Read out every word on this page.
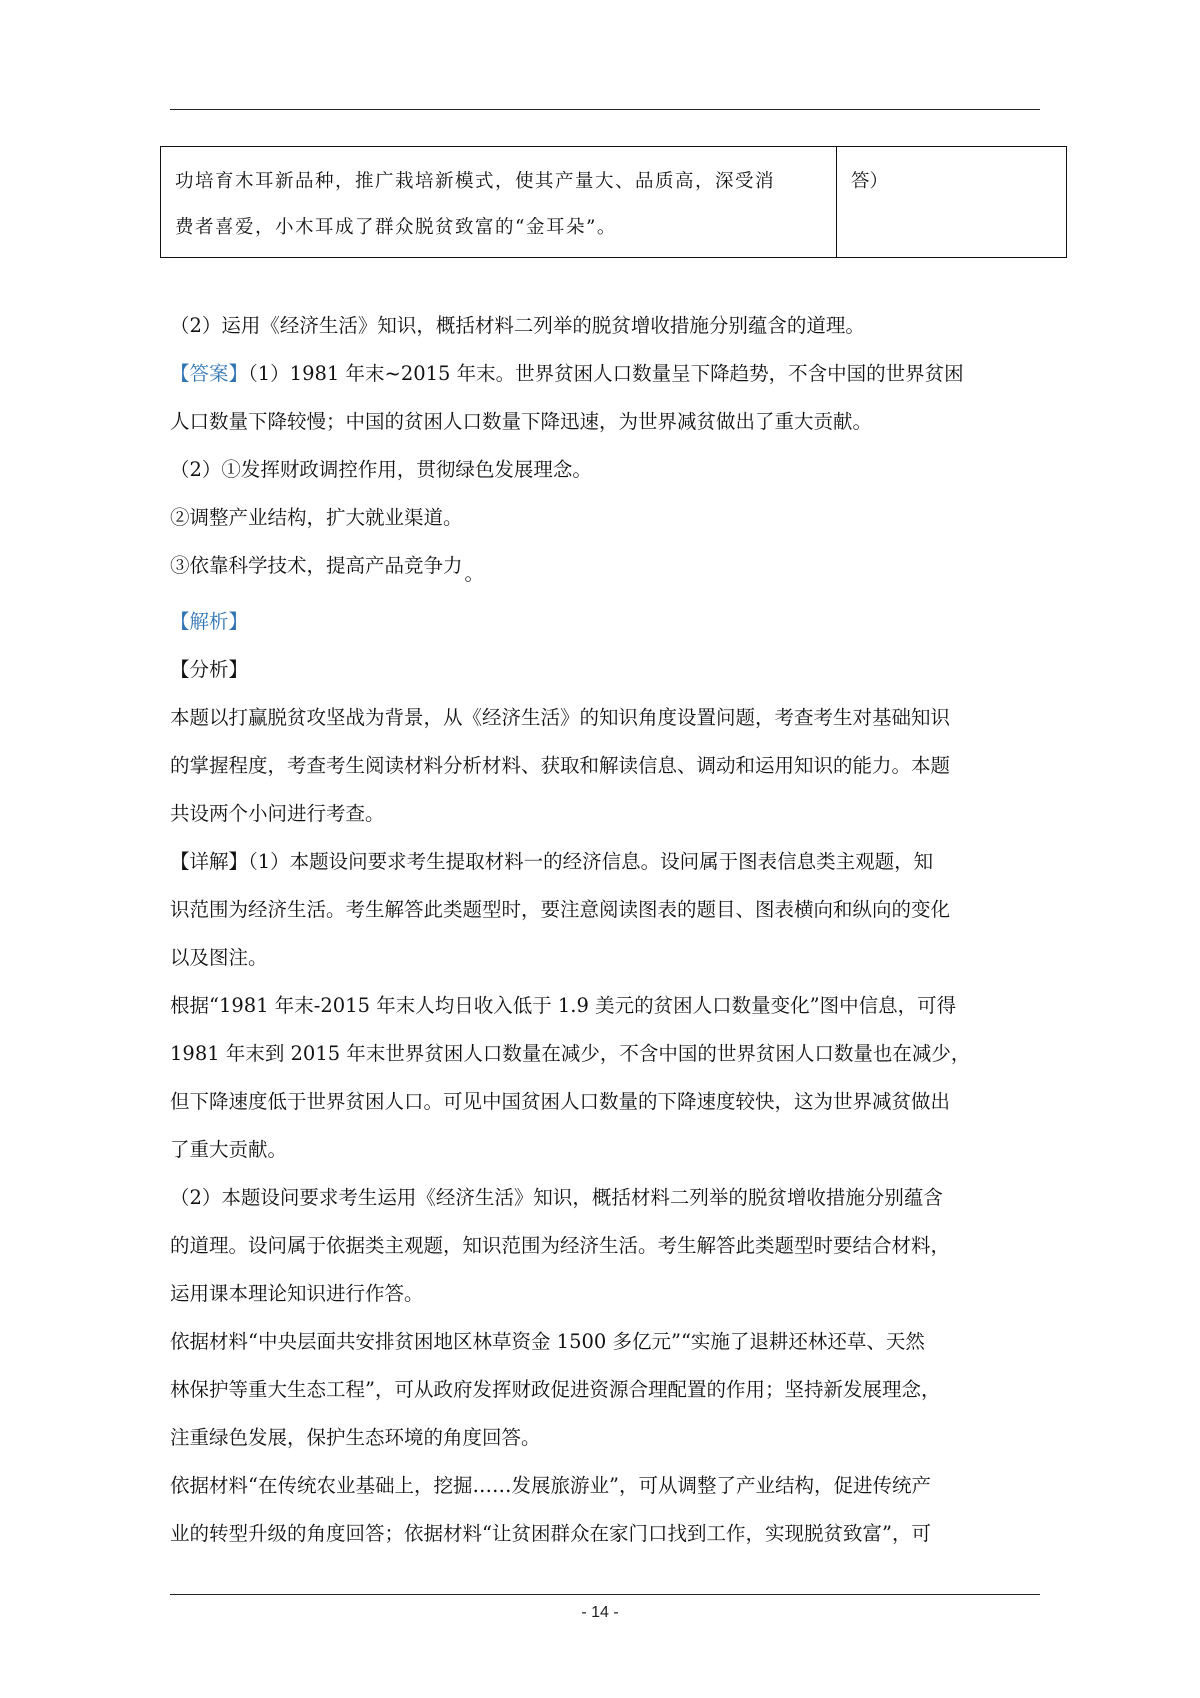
功培育木耳新品种，推广栽培新模式，使其产量大、品质高，深受消
费者喜爱，小木耳成了群众脱贫致富的“金耳朵”。
答）
（2）运用《经济生活》知识，概括材料二列举的脱贫增收措施分别蕴含的道理。
【答案】（1）1981 年末~2015 年末。世界贫困人口数量呈下降趋势，不含中国的世界贫困
人口数量下降较慢；中国的贫困人口数量下降迅速，为世界减贫做出了重大贡献。
（2）①发挥财政调控作用，贯彻绿色发展理念。
②调整产业结构，扩大就业渠道。
③依靠科学技术，提高产品竞争力 。
【解析】
【分析】
本题以打赢脱贫攻坚战为背景，从《经济生活》的知识角度设置问题，考查考生对基础知识
的掌握程度，考查考生阅读材料分析材料、获取和解读信息、调动和运用知识的能力。本题
共设两个小问进行考查。
【详解】（1）本题设问要求考生提取材料一的经济信息。设问属于图表信息类主观题，知
识范围为经济生活。考生解答此类题型时，要注意阅读图表的题目、图表横向和纵向的变化
以及图注。
根据“1981 年末-2015 年末人均日收入低于 1.9 美元的贫困人口数量变化”图中信息，可得
1981 年末到 2015 年末世界贫困人口数量在减少，不含中国的世界贫困人口数量也在减少，
但下降速度低于世界贫困人口。可见中国贫困人口数量的下降速度较快，这为世界减贫做出
了重大贡献。
（2）本题设问要求考生运用《经济生活》知识，概括材料二列举的脱贫增收措施分别蕴含
的道理。设问属于依据类主观题，知识范围为经济生活。考生解答此类题型时要结合材料，
运用课本理论知识进行作答。
依据材料“中央层面共安排贫困地区林草资金 1500 多亿元”“实施了退耕还林还草、天然
林保护等重大生态工程”，可从政府发挥财政促进资源合理配置的作用；坚持新发展理念，
注重绿色发展，保护生态环境的角度回答。
依据材料“在传统农业基础上，挖掘……发展旅游业”，可从调整了产业结构，促进传统产
业的转型升级的角度回答；依据材料“让贫困群众在家门口找到工作，实现脱贫致富”，可
- 14 -
